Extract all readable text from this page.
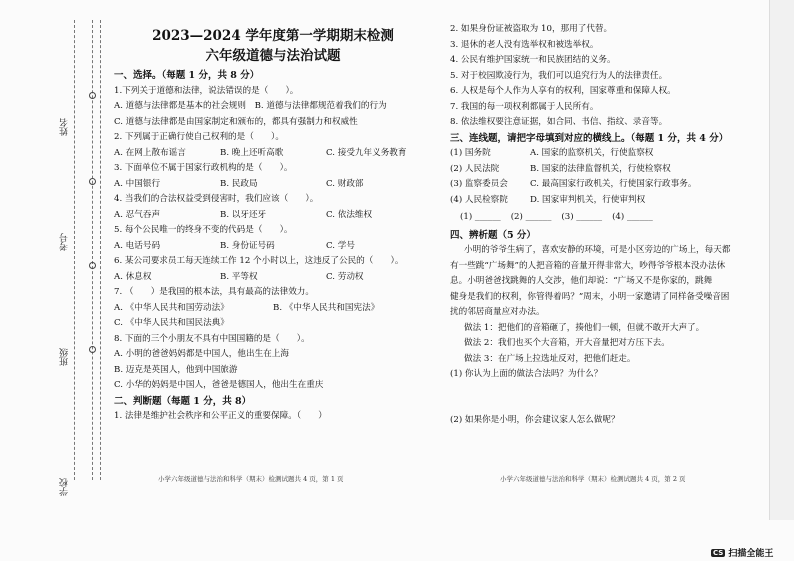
姓名
考号
班级
学校
2023—2024 学年度第一学期期末检测
六年级道德与法治试题
一、选择。（每题 1 分，共 8 分）
1.下列关于道德和法律，说法错误的是（　　）。
A. 道德与法律都是基本的社会规则　B. 道德与法律都规范着我们的行为
C. 道德与法律都是由国家制定和颁布的，都具有强制力和权威性
2. 下列属于正确行使自己权利的是（　　）。
A. 在网上散布谣言	B. 晚上还听高歌	C. 接受九年义务教育
3. 下面单位不属于国家行政机构的是（　　）。
A. 中国银行	B. 民政局	C. 财政部
4. 当我们的合法权益受到侵害时，我们应该（　　）。
A. 忍气吞声	B. 以牙还牙	C. 依法维权
5. 每个公民唯一的终身不变的代码是（　　）。
A. 电话号码	B. 身份证号码	C. 学号
6. 某公司要求员工每天连续工作 12 个小时以上，这违反了公民的（　　）。
A. 休息权	B. 平等权	C. 劳动权
7. （　　）是我国的根本法，具有最高的法律效力。
A. 《中华人民共和国劳动法》	B. 《中华人民共和国宪法》
C. 《中华人民共和国民法典》
8. 下面的三个小朋友不具有中国国籍的是（　　）。
A. 小明的爸爸妈妈都是中国人，他出生在上海
B. 迈克是英国人，他到中国旅游
C. 小华的妈妈是中国人，爸爸是德国人，他出生在重庆
二、判断题（每题 1 分，共 8）
1. 法律是维护社会秩序和公平正义的重要保障。（　　）
2. 如果身份证被盗取为 10，那用了代替。
3. 退休的老人没有选举权和被选举权。
4. 公民有维护国家统一和民族团结的义务。
5. 对于校园欺凌行为，我们可以追究行为人的法律责任。
6. 人权是每个人作为人享有的权利，国家尊重和保障人权。
7. 我国的每一项权利都属于人民所有。
8. 依法维权要注意证据，如合同、书信、指纹、录音等。
三、连线题，请把字母填到对应的横线上。（每题 1 分，共 4 分）
(1) 国务院	A. 国家的监察机关，行使监察权
(2) 人民法院	B. 国家的法律监督机关，行使检察权
(3) 监察委员会	C. 最高国家行政机关，行使国家行政事务。
(4) 人民检察院	D. 国家审判机关，行使审判权
(1) ______ (2) ______ (3) ______ (4) ______
四、辨析题（5 分）
小明的爷爷生病了，喜欢安静的环境，可是小区旁边的广场上，每天都
有一些跳“广场舞”的人把音箱的音量开得非常大，吵得爷爷根本没办法休
息。小明爸爸找跳舞的人交涉，他们却说：“广场又不是你家的，跳舞
健身是我们的权利，你管得着吗？”周末，小明一家邀请了同样备受噪音困
扰的邻居商量应对办法。
做法 1：把他们的音箱砸了，揍他们一顿，但就不敢开大声了。
做法 2：我们也买个大音箱，开大音量把对方压下去。
做法 3：在广场上拉选址反对，把他们赶走。
(1) 你认为上面的做法合法吗？为什么？
(2) 如果你是小明，你会建议家人怎么做呢？
小学六年级道德与法治和科学（期末）检测试题共 4 页，第 1 页	小学六年级道德与法治和科学（期末）检测试题共 4 页，第 2 页
CS 扫描全能王
